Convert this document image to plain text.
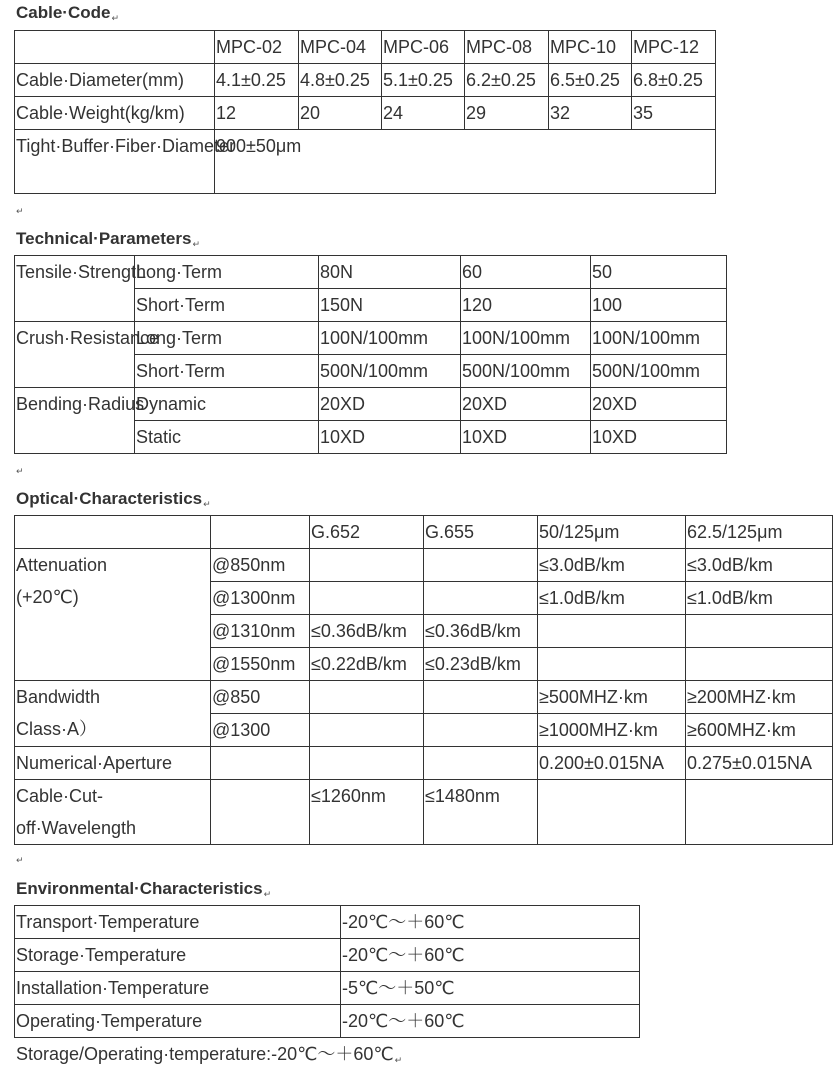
Cable·Code↵
	MPC-02	MPC-04	MPC-06	MPC-08	MPC-10	MPC-12
Cable·Diameter(mm)	4.1±0.25	4.8±0.25	5.1±0.25	6.2±0.25	6.5±0.25	6.8±0.25
Cable·Weight(kg/km)	12	20	24	29	32	35
Tight·Buffer·Fiber·Diameter	900±50μm					
↵
Technical·Parameters↵
Tensile·Strength	Long·Term	80N	60	50
	Short·Term	150N	120	100
Crush·Resistance	Long·Term	100N/100mm	100N/100mm	100N/100mm
	Short·Term	500N/100mm	500N/100mm	500N/100mm
Bending·Radius	Dynamic	20XD	20XD	20XD
	Static	10XD	10XD	10XD
↵
Optical·Characteristics↵
		G.652	G.655	50/125μm	62.5/125μm
Attenuation (+20℃)	@850nm			≤3.0dB/km	≤3.0dB/km
	@1300nm			≤1.0dB/km	≤1.0dB/km
	@1310nm	≤0.36dB/km	≤0.36dB/km		
	@1550nm	≤0.22dB/km	≤0.23dB/km		
Bandwidth Class·A）	@850			≥500MHZ·km	≥200MHZ·km
	@1300			≥1000MHZ·km	≥600MHZ·km
Numerical·Aperture				0.200±0.015NA	0.275±0.015NA
Cable·Cut-off·Wavelength		≤1260nm	≤1480nm		
↵
Environmental·Characteristics↵
Transport·Temperature	-20℃～＋60℃
Storage·Temperature	-20℃～＋60℃
Installation·Temperature	-5℃～＋50℃
Operating·Temperature	-20℃～＋60℃
Storage/Operating·temperature:-20℃～＋60℃↵
